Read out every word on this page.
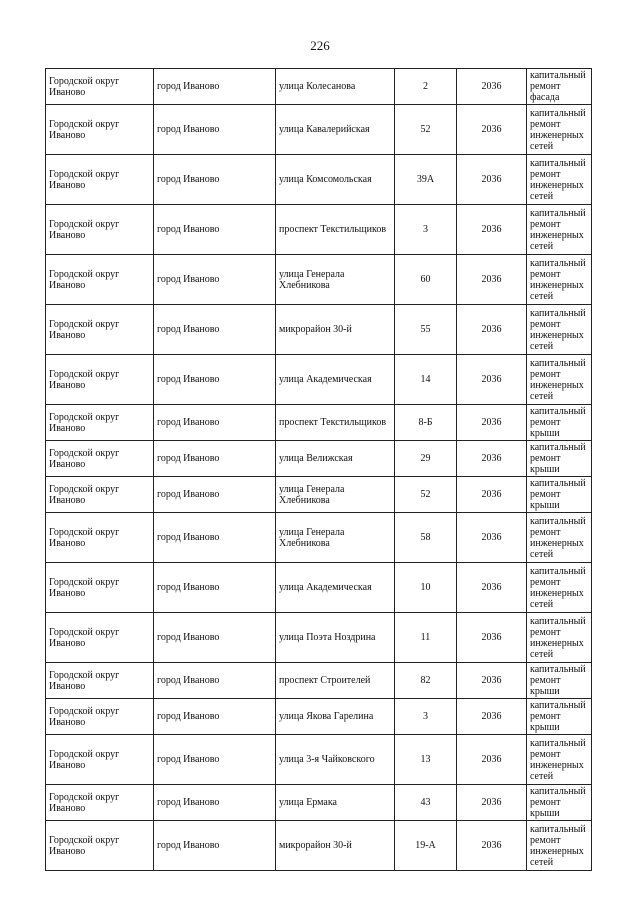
226
Городской округ Иваново	город Иваново	улица Колесанова	2	2036	капитальный ремонт фасада
Городской округ Иваново	город Иваново	улица Кавалерийская	52	2036	капитальный ремонт инженерных сетей
Городской округ Иваново	город Иваново	улица Комсомольская	39А	2036	капитальный ремонт инженерных сетей
Городской округ Иваново	город Иваново	проспект Текстильщиков	3	2036	капитальный ремонт инженерных сетей
Городской округ Иваново	город Иваново	улица Генерала Хлебникова	60	2036	капитальный ремонт инженерных сетей
Городской округ Иваново	город Иваново	микрорайон 30-й	55	2036	капитальный ремонт инженерных сетей
Городской округ Иваново	город Иваново	улица Академическая	14	2036	капитальный ремонт инженерных сетей
Городской округ Иваново	город Иваново	проспект Текстильщиков	8-Б	2036	капитальный ремонт крыши
Городской округ Иваново	город Иваново	улица Велижская	29	2036	капитальный ремонт крыши
Городской округ Иваново	город Иваново	улица Генерала Хлебникова	52	2036	капитальный ремонт крыши
Городской округ Иваново	город Иваново	улица Генерала Хлебникова	58	2036	капитальный ремонт инженерных сетей
Городской округ Иваново	город Иваново	улица Академическая	10	2036	капитальный ремонт инженерных сетей
Городской округ Иваново	город Иваново	улица Поэта Ноздрина	11	2036	капитальный ремонт инженерных сетей
Городской округ Иваново	город Иваново	проспект Строителей	82	2036	капитальный ремонт крыши
Городской округ Иваново	город Иваново	улица Якова Гарелина	3	2036	капитальный ремонт крыши
Городской округ Иваново	город Иваново	улица 3-я Чайковского	13	2036	капитальный ремонт инженерных сетей
Городской округ Иваново	город Иваново	улица Ермака	43	2036	капитальный ремонт крыши
Городской округ Иваново	город Иваново	микрорайон 30-й	19-А	2036	капитальный ремонт инженерных сетей
